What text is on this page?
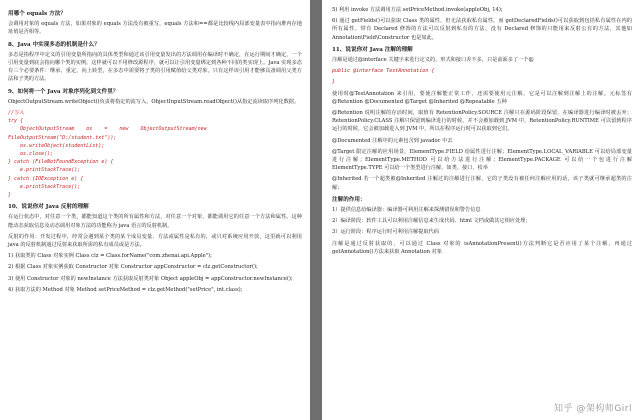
用哪个 equals 方法？
会调用对象的 equals 方法，如果对象的 equals 方法没有被重写，equals 方法和==都是比较栈内局部变量表中指向堆内存地址值是否相等。
8、Java 中实现多态的机制是什么？
多态是指程序中定义的引用变量所指向的具体类型和通过该引用变量发出的方法调用在编译时不确定，在运行期间才确定，一个引用变量到底会指向哪个类的实例。这样就可以不用修改源程序，就可以让引用变量绑定到各种不同的类实现上。Java 实现多态有三个必要条件：继承、重定、向上转型，在多态中需要将子类的引用赋值给父类对象，只有这样该引用才能够具备调用父类方法和子类的方法。
9、如何将一个 Java 对象序列化到文件里？
ObjectOutputStream.writeObject()负责将指定的流写入，ObjectInputStream.readObject()从指定流读取序列化数据。
//写入
try {
ObjectOutputStream    os    =    new    ObjectOutputStream(new
FileOutputStream("D:/student.txt"));
os.writeObject(studentList);
os.close();
} catch (FileNotFoundException e) {
e.printStackTrace();
} catch (IOException e) {
e.printStackTrace();
}
10、说说你对 Java 反射的理解
在运行状态中，对任意一个类，都能知道这个类的所有属性和方法，对任意一个对象，都能调用它的任意一个方法和属性。这种能动态获取信息及动态调用对象方法的功能称为 java 语言的反射机制。
反射的作用：开发过程中，经常会遇到某个类的某个成员变量、方法或属性是私有的，或只对系统应用开放，这里就可以利用 java 的反射机制通过反射来获取所需的私有成员或是方法。
1) 获取类的 Class 对象实例 Class clz = Class.forName("com.zhenai.api.Apple");
2) 根据 Class 对象实例获取 Constructor 对象 Constructor appConstructor = clz.getConstructor();
3) 使用 Constructor 对象的 newInstance 方法获取反射类对象 Object appleObj = appConstructor.newInstance();
4) 获取方法的 Method 对象 Method setPriceMethod = clz.getMethod("setPrice", int.class);
5) 利用 invoke 方法调用方法 setPriceMethod.invoke(appleObj, 14);
6) 通过 getFields()可以获取 Class 类的属性，但无法获取私有属性，而 getDeclaredFields()可以获取到包括私有属性在内的所有属性。带有 Declared 修饰的方法可以反射到私有的方法，没有 Declared 修饰的只能用来反射公有的方法，其他如 Annotation\Field\Constructor 也是如此。
11、说说你对 Java 注解的理解
注解是通过@interface 关键字来进行定义的，形式和接口差不多，只是前面多了一个@
public @interface TestAnnotation {
}
使用时@TestAnnotation 来引用，要使注解能正常工作，还需要使用元注解，它是可以注解到注解上的注解。元标签有@Retention @Documented @Target @Inherited @Repeatable 五种
@Retention 说明注解的存活时间，取值有 RetentionPolicy.SOURCE 注解只在源码阶段保留，在编译器进行编译时被丢弃；RetentionPolicy.CLASS 注解只保留到编译进行的时候，并不会被加载到 JVM 中。RetentionPolicy.RUNTIME 可以留到程序运行的时候，它会被加载进入到 JVM 中，所以在程序运行时可以获取到它们。
@Documented 注解中的元素包含到 javadoc 中去
@Target 限定注解的应用场景，ElementType.FIELD 给属性进行注解；ElementType.LOCAL_VARIABLE 可以给局部变量进行注解；ElementType.METHOD 可以给方法进行注解；ElementType.PACKAGE 可以给一个包进行注解 ElementType.TYPE 可以给一个类型进行注解，如类、接口、枚举
@Inherited 若一个超类被@Inherited 注解过的注解进行注解，它的子类没有被任何注解应用的话，该子类就可继承超类的注解；
注解的作用：
1）提供信息给编译器：编译器可利用注解来探测错误和警告信息
2）编译阶段：软件工具可以利用注解信息来生成代码、html 文档或做其它相应处理；
3）运行阶段：程序运行时可利用注解提取代码
注解是通过反射获取的，可以通过 Class 对象的 isAnnotationPresent()方法判断它是否应用了某个注解，再通过 getAnnotation()方法来获取 Annotation 对象
知乎 @架构师Girl
